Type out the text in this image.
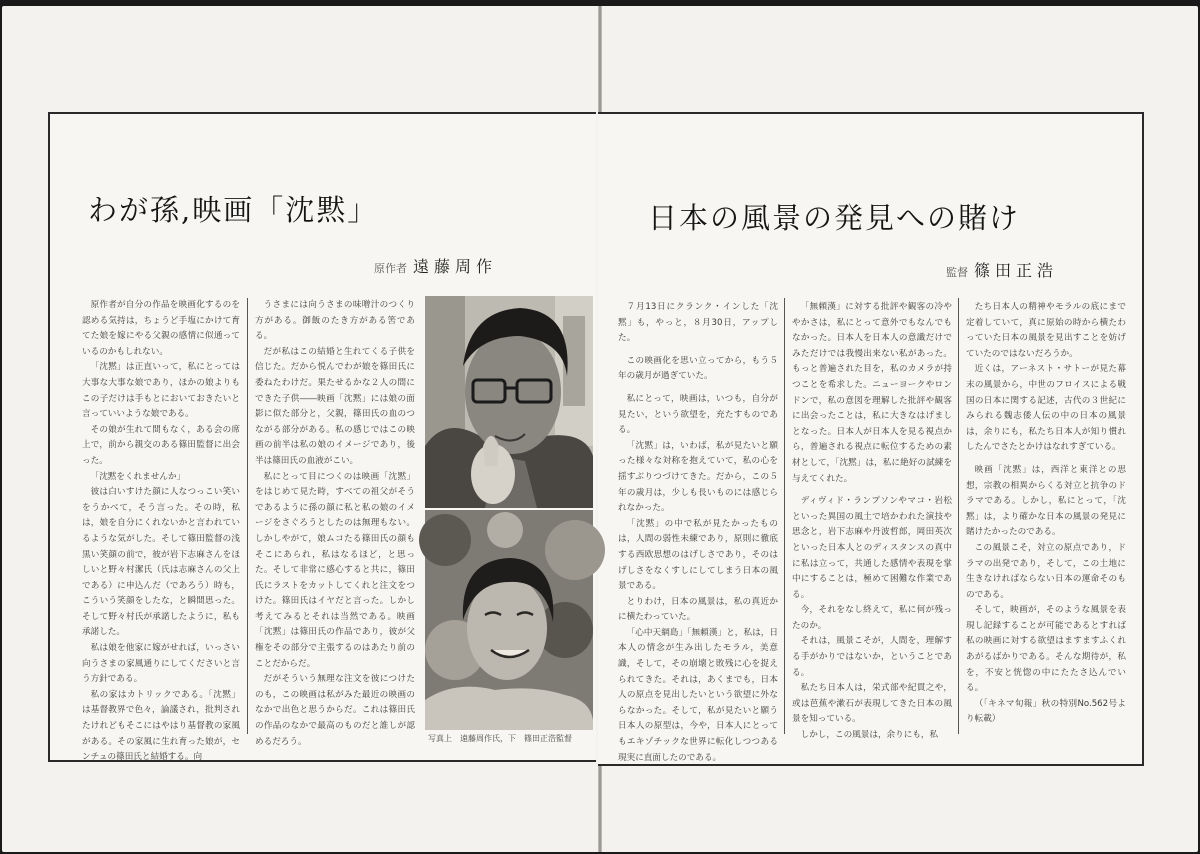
わが孫,映画「沈黙」
原作者 遠藤周作

原作者が自分の作品を映画化するのを認める気持は，ちょうど手塩にかけて育てた娘を嫁にやる父親の感情に似通っているのかもしれない。

「沈黙」は正直いって，私にとっては大事な大事な娘であり，ほかの娘よりもこの子だけは手もとにおいておきたいと言っていいような娘である。

その娘が生れて間もなく，ある会の席上で，前から親交のある篠田監督に出会った。

「沈黙をくれませんか」

彼は白いすけた顔に人なつっこい笑いをうかべて，そう言った。その時，私は，娘を自分にくれないかと言われているような気がした。そして篠田監督の浅黒い笑顔の前で，彼が岩下志麻さんをほしいと野々村潔氏（氏は志麻さんの父上である）に申込んだ（であろう）時も，こういう笑顔をしたな，と瞬間思った。そして野々村氏が承諾したように，私も承諾した。

私は娘を他家に嫁がせれば，いっさい向うさまの家風通りにしてくださいと言う方針である。

私の家はカトリックである。「沈黙」は基督教界で色々，論議され，批判されたけれどもそこにはやはり基督教の家風がある。その家風に生れ育った娘が，センチュの篠田氏と結婚する。向

うさまには向うさまの味噌汁のつくり方がある。御飯のたき方がある筈である。

だが私はこの結婚と生れてくる子供を信じた。だから悦んでわが娘を篠田氏に委ねたわけだ。果たせるかな２人の間にできた子供――映画「沈黙」には娘の面影に似た部分と，父親，篠田氏の血のつながる部分がある。私の感じではこの映画の前半は私の娘のイメージであり，後半は篠田氏の血液がこい。

私にとって目につくのは映画「沈黙」をはじめて見た時，すべての祖父がそうであるように孫の顔に私と私の娘のイメージをさぐろうとしたのは無理もない。しかしやがて，娘ムコたる篠田氏の顔もそこにあられ，私はなるほど，と思った。そして非常に感心すると共に，篠田氏にラストをカットしてくれと注文をつけた。篠田氏はイヤだと言った。しかし考えてみるとそれは当然である。映画「沈黙」は篠田氏の作品であり，彼が父権をその部分で主張するのはあたり前のことだからだ。

だがそういう無理な注文を彼につけたのも，この映画は私がみた最近の映画のなかで出色と思うからだ。これは篠田氏の作品のなかで最高のものだと誰しが認めるだろう。	写真上　遠藤周作氏，下　篠田正浩監督
日本の風景の発見への賭け
監督 篠田正浩

７月13日にクランク・インした「沈黙」も，やっと，８月30日，アップした。

この映画化を思い立ってから，もう５年の歳月が過ぎていた。

私にとって，映画は，いつも，自分が見たい，という欲望を，充たすものである。

「沈黙」は，いわば，私が見たいと願った様々な対称を抱えていて，私の心を揺すぶりつづけてきた。だから，この５年の歳月は，少しも長いものには感じられなかった。

「沈黙」の中で私が見たかったものは，人間の弱性未練であり，原則に徹底する西欧思想のはげしさであり，そのはげしさをなくすしにしてしまう日本の風景である。

とりわけ，日本の風景は，私の真近かに横たわっていた。

「心中天網島」「無頼漢」と，私は，日本人の情念が生み出したモラル，美意識，そして，その崩壊と敗残に心を捉えられてきた。それは，あくまでも，日本人の原点を見出したいという欲望に外ならなかった。そして，私が見たいと願う日本人の原型は，今や，日本人にとってもエキゾチックな世界に転化しつつある現実に直面したのである。

「無頼漢」に対する批評や観客の冷ややかさは，私にとって意外でもなんでもなかった。日本人を日本人の意識だけでみただけでは我慢出来ない私があった。もっと普遍された目を，私のカメラが持つことを希求した。ニューヨークやロンドンで，私の意図を理解した批評や観客に出会ったことは，私に大きなはげましとなった。日本人が日本人を見る視点から，普遍される視点に転位するための素材として，「沈黙」は，私に絶好の試練を与えてくれた。

ディヴィド・ランプソンやマコ・岩松といった異国の風土で培かわれた演技や思念と，岩下志麻や丹波哲郎，岡田英次といった日本人とのディスタンスの真中に私は立って，共通した感情や表現を掌中にすることは，極めて困難な作業である。

今，それをなし終えて，私に何が残ったのか。

それは，風景こそが，人間を，理解する手がかりではないか，ということである。

私たち日本人は，栄式部や紀貫之や，或は芭蕉や漱石が表現してきた日本の風景を知っている。

しかし，この風景は，余りにも，私

たち日本人の精神やモラルの底にまで定着していて，真に原始の時から横たわっていた日本の風景を見出すことを妨げていたのではないだろうか。

近くは，アーネスト・サトーが見た幕末の風景から，中世のフロイスによる戦国の日本に関する記述，古代の３世紀にみられる魏志倭人伝の中の日本の風景は，余りにも，私たち日本人が知り慣れしたんでさたとかけはなれすぎている。

映画「沈黙」は，西洋と東洋との思想，宗教の相異からくる対立と抗争のドラマである。しかし，私にとって，「沈黙」は，より確かな日本の風景の発見に賭けたかったのである。

この風景こそ，対立の原点であり，ドラマの出発であり，そして，この土地に生きなければならない日本の運命そのものである。

そして，映画が，そのような風景を表現し記録することが可能であるとすれば私の映画に対する欲望はますますふくれあがるばかりである。そんな期待が，私を，不安と恍惚の中にたたさ込んでいる。

（「キネマ旬報」秋の特別No.562号より転載）
